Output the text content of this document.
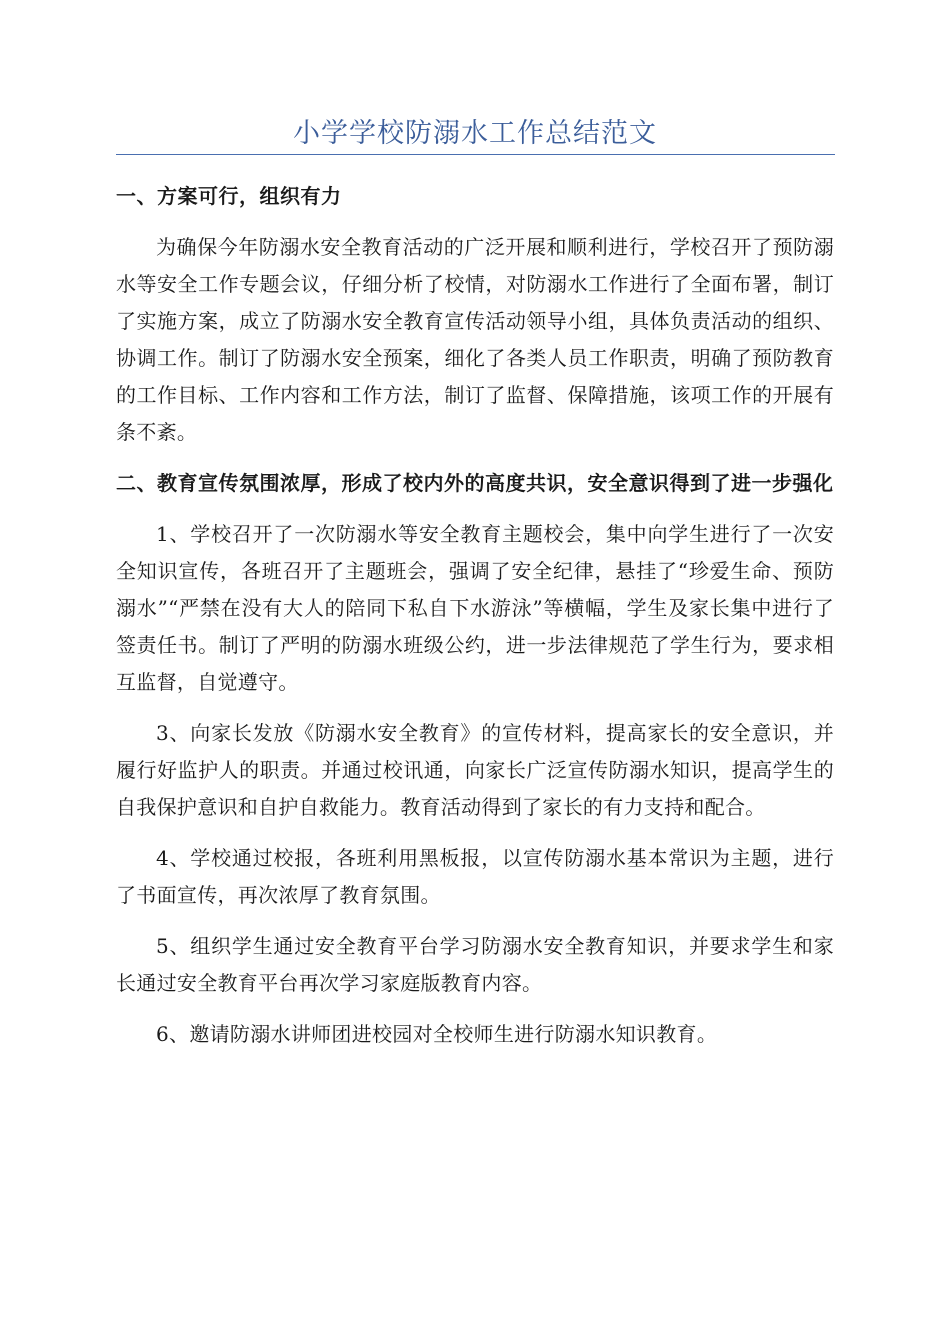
小学学校防溺水工作总结范文
一、方案可行，组织有力

为确保今年防溺水安全教育活动的广泛开展和顺利进行，学校召开了预防溺水等安全工作专题会议，仔细分析了校情，对防溺水工作进行了全面布署，制订了实施方案，成立了防溺水安全教育宣传活动领导小组，具体负责活动的组织、协调工作。制订了防溺水安全预案，细化了各类人员工作职责，明确了预防教育的工作目标、工作内容和工作方法，制订了监督、保障措施，该项工作的开展有条不紊。

二、教育宣传氛围浓厚，形成了校内外的高度共识，安全意识得到了进一步强化

1、学校召开了一次防溺水等安全教育主题校会，集中向学生进行了一次安全知识宣传，各班召开了主题班会，强调了安全纪律，悬挂了“珍爱生命、预防溺水”“严禁在没有大人的陪同下私自下水游泳”等横幅，学生及家长集中进行了签责任书。制订了严明的防溺水班级公约，进一步法律规范了学生行为，要求相互监督，自觉遵守。

3、向家长发放《防溺水安全教育》的宣传材料，提高家长的安全意识，并履行好监护人的职责。并通过校讯通，向家长广泛宣传防溺水知识，提高学生的自我保护意识和自护自救能力。教育活动得到了家长的有力支持和配合。

4、学校通过校报，各班利用黑板报，以宣传防溺水基本常识为主题，进行了书面宣传，再次浓厚了教育氛围。

5、组织学生通过安全教育平台学习防溺水安全教育知识，并要求学生和家长通过安全教育平台再次学习家庭版教育内容。

6、邀请防溺水讲师团进校园对全校师生进行防溺水知识教育。
